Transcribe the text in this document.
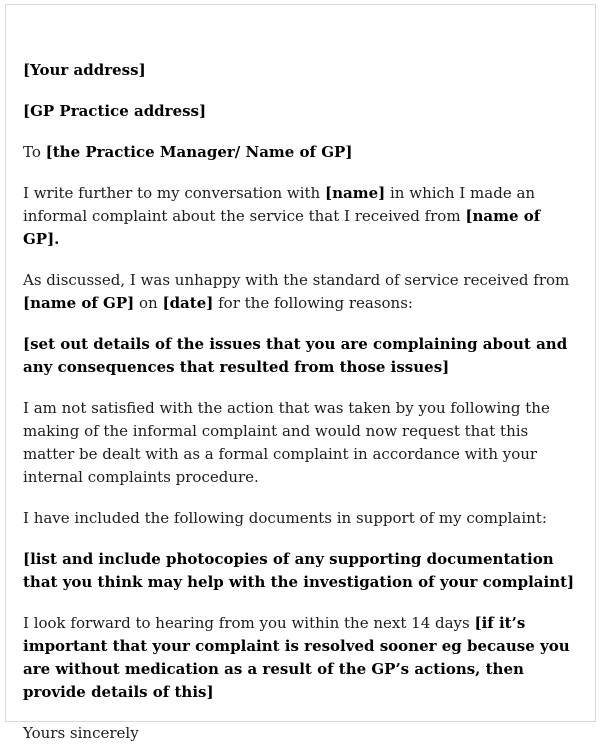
[Your address]

[GP Practice address]

To [the Practice Manager/ Name of GP]

I write further to my conversation with [name] in which I made an informal complaint about the service that I received from [name of GP].

As discussed, I was unhappy with the standard of service received from [name of GP] on [date] for the following reasons:

[set out details of the issues that you are complaining about and any consequences that resulted from those issues]

I am not satisfied with the action that was taken by you following the making of the informal complaint and would now request that this matter be dealt with as a formal complaint in accordance with your internal complaints procedure.

I have included the following documents in support of my complaint:

[list and include photocopies of any supporting documentation that you think may help with the investigation of your complaint]

I look forward to hearing from you within the next 14 days [if it’s important that your complaint is resolved sooner eg because you are without medication as a result of the GP’s actions, then provide details of this]

Yours sincerely
